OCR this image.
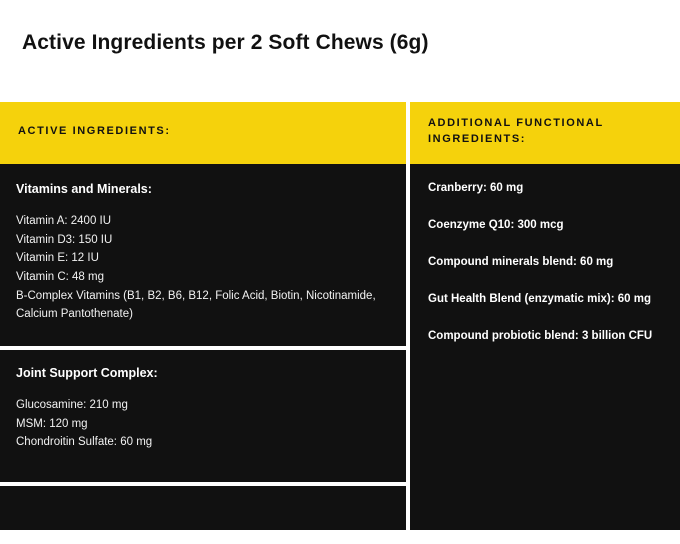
Active Ingredients per 2 Soft Chews (6g)
ACTIVE INGREDIENTS:
Vitamins and Minerals:
Vitamin A: 2400 IU
Vitamin D3: 150 IU
Vitamin E: 12 IU
Vitamin C: 48 mg
B-Complex Vitamins (B1, B2, B6, B12, Folic Acid, Biotin, Nicotinamide, Calcium Pantothenate)
Joint Support Complex:
Glucosamine: 210 mg
MSM: 120 mg
Chondroitin Sulfate: 60 mg
ADDITIONAL FUNCTIONAL INGREDIENTS:
Cranberry: 60 mg
Coenzyme Q10: 300 mcg
Compound minerals blend: 60 mg
Gut Health Blend (enzymatic mix): 60 mg
Compound probiotic blend: 3 billion CFU
